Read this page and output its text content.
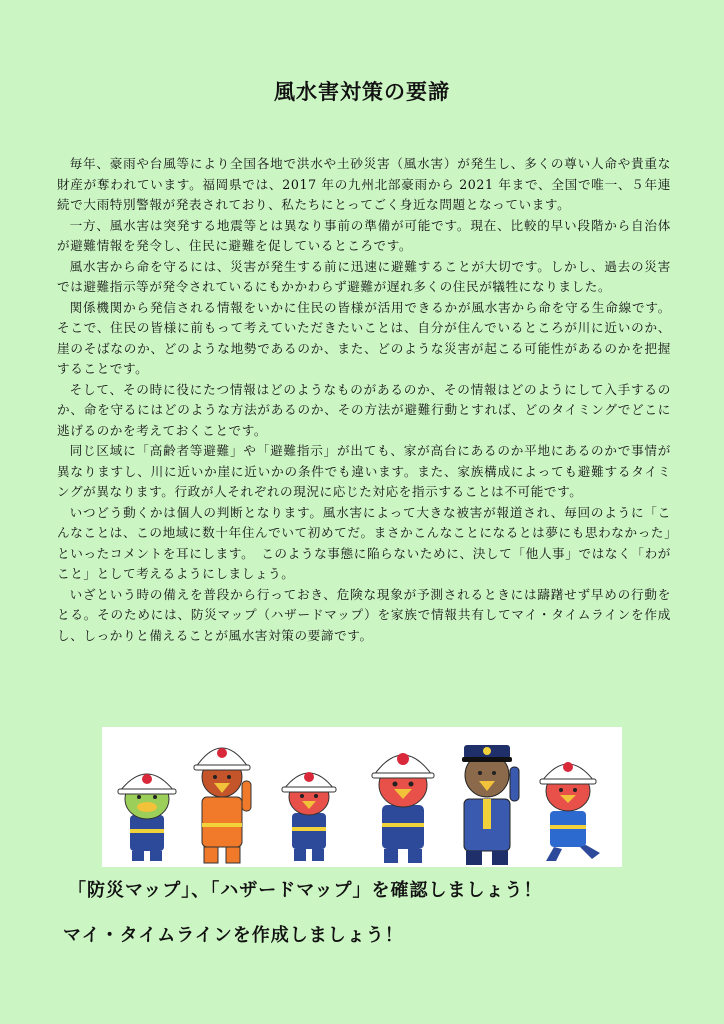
風水害対策の要諦

毎年、豪雨や台風等により全国各地で洪水や土砂災害（風水害）が発生し、多くの尊い人命や貴重な財産が奪われています。福岡県では、2017 年の九州北部豪雨から 2021 年まで、全国で唯一、５年連続で大雨特別警報が発表されており、私たちにとってごく身近な問題となっています。

一方、風水害は突発する地震等とは異なり事前の準備が可能です。現在、比較的早い段階から自治体が避難情報を発令し、住民に避難を促しているところです。

風水害から命を守るには、災害が発生する前に迅速に避難することが大切です。しかし、過去の災害では避難指示等が発令されているにもかかわらず避難が遅れ多くの住民が犠牲になりました。

関係機関から発信される情報をいかに住民の皆様が活用できるかが風水害から命を守る生命線です。そこで、住民の皆様に前もって考えていただきたいことは、自分が住んでいるところが川に近いのか、崖のそばなのか、どのような地勢であるのか、また、どのような災害が起こる可能性があるのかを把握することです。

そして、その時に役にたつ情報はどのようなものがあるのか、その情報はどのようにして入手するのか、命を守るにはどのような方法があるのか、その方法が避難行動とすれば、どのタイミングでどこに逃げるのかを考えておくことです。

同じ区域に「高齢者等避難」や「避難指示」が出ても、家が高台にあるのか平地にあるのかで事情が異なりますし、川に近いか崖に近いかの条件でも違います。また、家族構成によっても避難するタイミングが異なります。行政が人それぞれの現況に応じた対応を指示することは不可能です。

いつどう動くかは個人の判断となります。風水害によって大きな被害が報道され、毎回のように「こんなことは、この地域に数十年住んでいて初めてだ。まさかこんなことになるとは夢にも思わなかった」といったコメントを耳にします。　このような事態に陥らないために、決して「他人事」ではなく「わがこと」として考えるようにしましょう。

いざという時の備えを普段から行っておき、危険な現象が予測されるときには躊躇せず早めの行動をとる。そのためには、防災マップ（ハザードマップ）を家族で情報共有してマイ・タイムラインを作成し、しっかりと備えることが風水害対策の要諦です。

「防災マップ」、「ハザードマップ」を確認しましょう！
マイ・タイムラインを作成しましょう！
